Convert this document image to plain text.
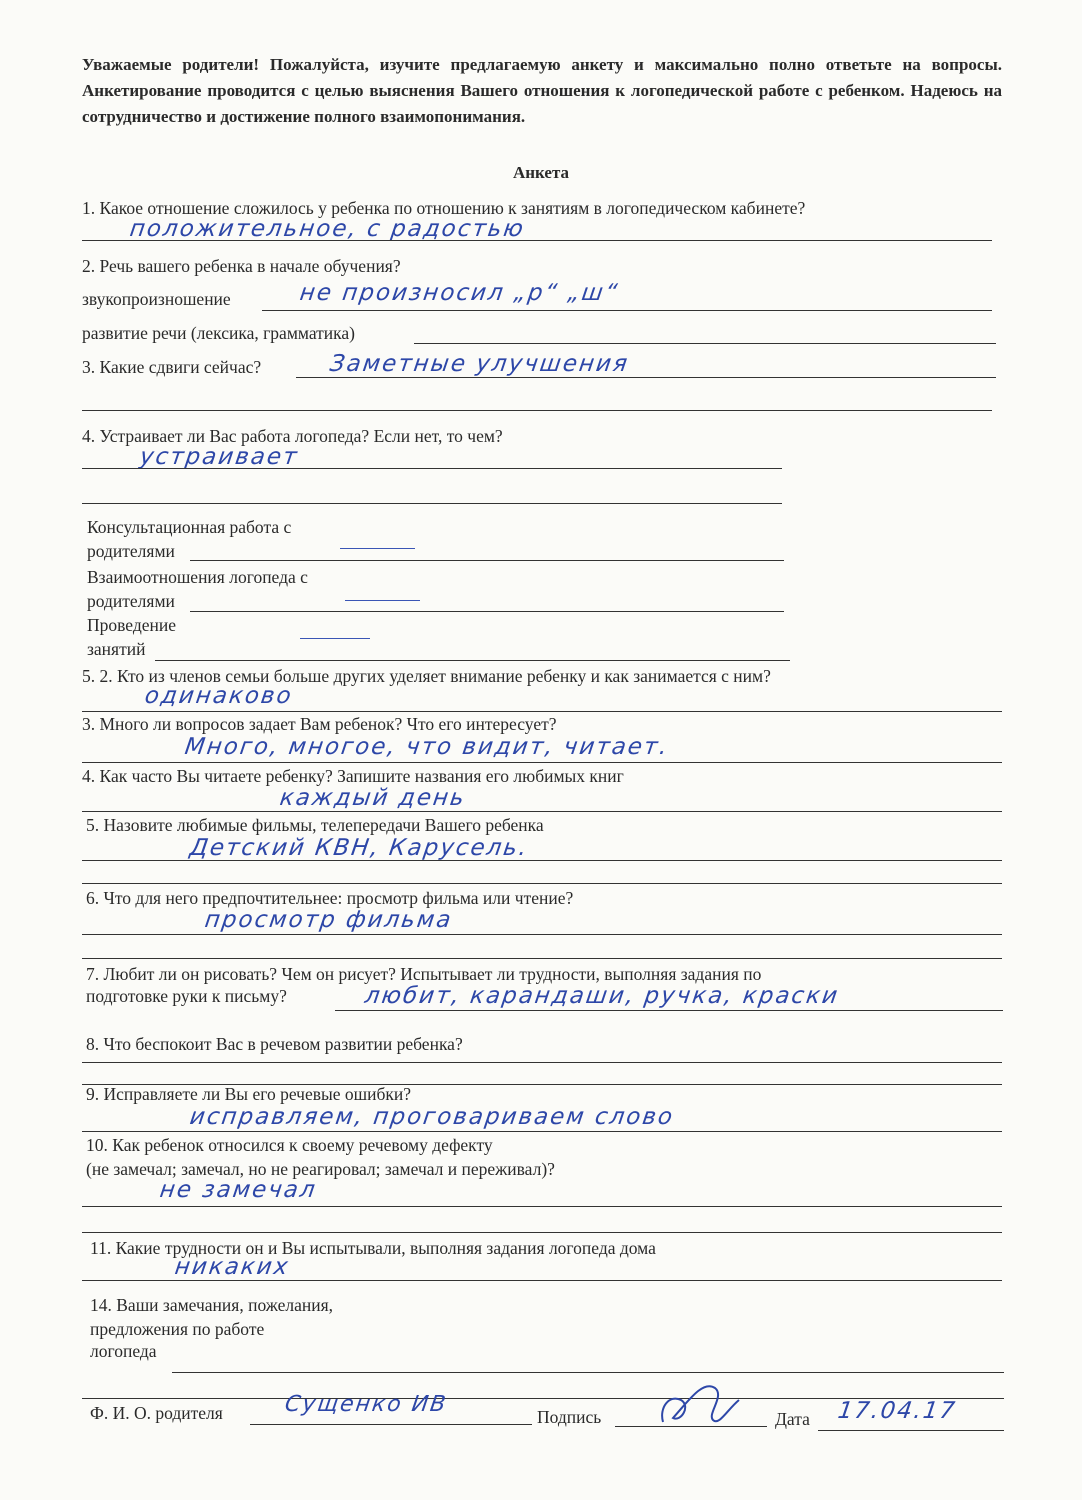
Уважаемые родители! Пожалуйста, изучите предлагаемую анкету и максимально полно ответьте на вопросы. Анкетирование проводится с целью выяснения Вашего отношения к логопедической работе с ребенком. Надеюсь на сотрудничество и достижение полного взаимопонимания.
Анкета
1. Какое отношение сложилось у ребенка по отношению к занятиям в логопедическом кабинете?
положительное, с радостью
2. Речь вашего ребенка в начале обучения?
звукопроизношение	не произносил „р“ „ш“
развитие речи (лексика, грамматика)
3. Какие сдвиги сейчас?	Заметные улучшения
4. Устраивает ли Вас работа логопеда? Если нет, то чем?
устраивает
Консультационная работа с
родителями
Взаимоотношения логопеда с
родителями
Проведение
занятий
5. 2. Кто из членов семьи больше других уделяет внимание ребенку и как занимается с ним?
одинаково
3. Много ли вопросов задает Вам ребенок? Что его интересует?
Много, многое, что видит, читает.
4. Как часто Вы читаете ребенку? Запишите названия его любимых книг
каждый день
5. Назовите любимые фильмы, телепередачи Вашего ребенка
Детский КВН, Карусель.
6. Что для него предпочтительнее: просмотр фильма или чтение?
просмотр фильма
7. Любит ли он рисовать? Чем он рисует? Испытывает ли трудности, выполняя задания по
подготовке руки к письму?	любит, карандаши, ручка, краски
8. Что беспокоит Вас в речевом развитии ребенка?
9. Исправляете ли Вы его речевые ошибки?
исправляем, проговариваем слово
10. Как ребенок относился к своему речевому дефекту
(не замечал; замечал, но не реагировал; замечал и переживал)?
не замечал
11. Какие трудности он и Вы испытывали, выполняя задания логопеда дома
никаких
14. Ваши замечания, пожелания,
предложения по работе
логопеда
Ф. И. О. родителя	Сущенко ИВ	Подпись	Дата 17.04.17
